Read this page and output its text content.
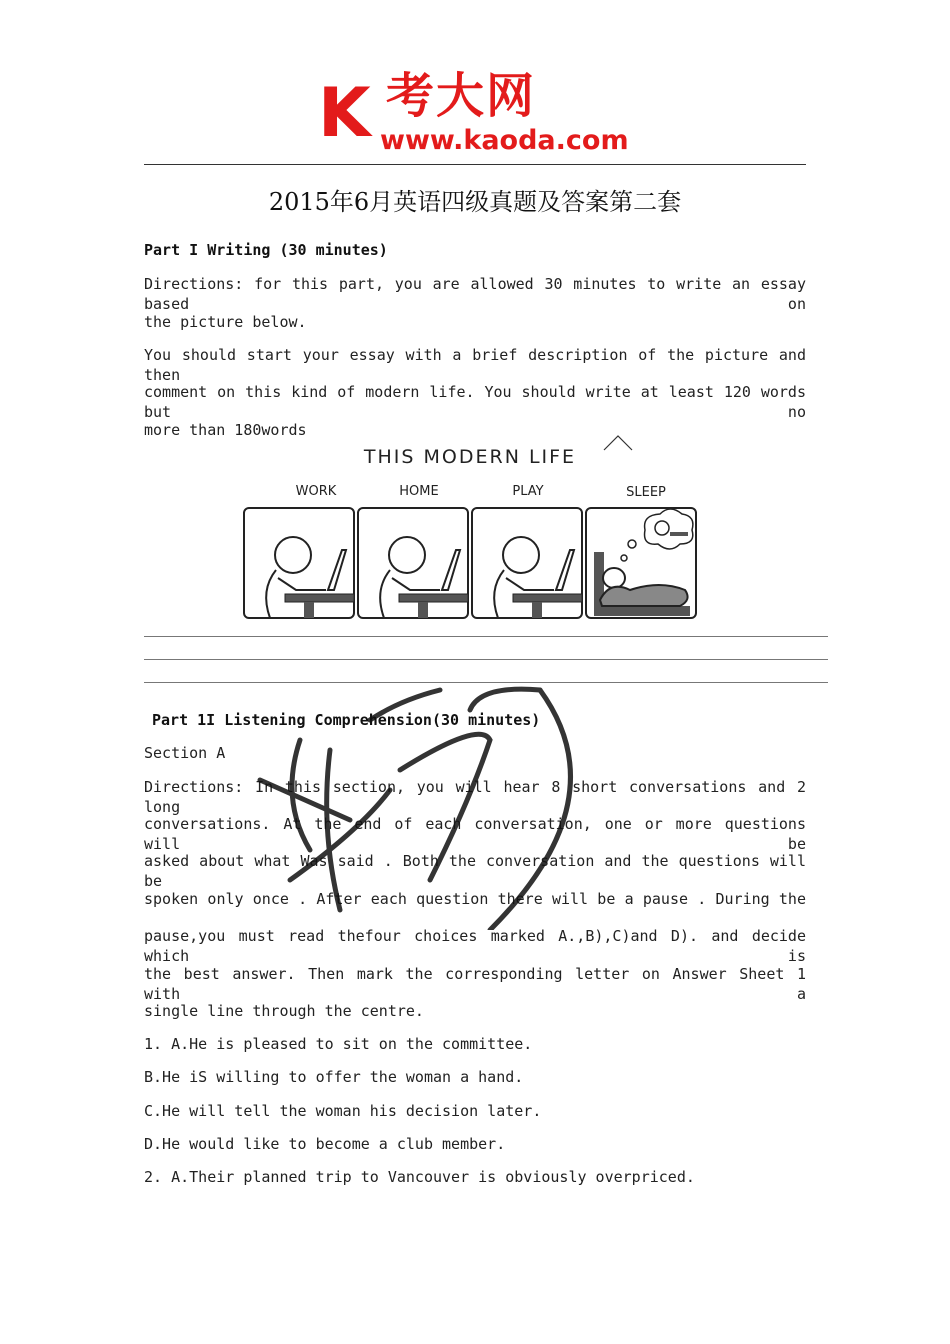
K 考大网
www.kaoda.com
2015年6月英语四级真题及答案第二套
Part I Writing (30 minutes)
Directions: for this part, you are allowed 30 minutes to write an essay based on
the picture below.
You should start your essay with a brief description of the picture and then
comment on this kind of modern life. You should write at least 120 words but no
more than 180words
THIS MODERN LIFE
WORK	HOME	PLAY	SLEEP
Part 1I Listening Comprehension(30 minutes)
Section A
Directions: In this section, you will hear 8 short conversations and 2 long
conversations. At the end of each conversation, one or more questions will be
asked about what Was said . Both the conversation and the questions will be
spoken only once . After each question there will be a pause . During the
pause,you must read thefour choices marked A.,B),C)and D). and decide which is
the best answer. Then mark the corresponding letter on Answer Sheet 1 with a
single line through the centre.
1. A.He is pleased to sit on the committee.
B.He iS willing to offer the woman a hand.
C.He will tell the woman his decision later.
D.He would like to become a club member.
2. A.Their planned trip to Vancouver is obviously overpriced.
